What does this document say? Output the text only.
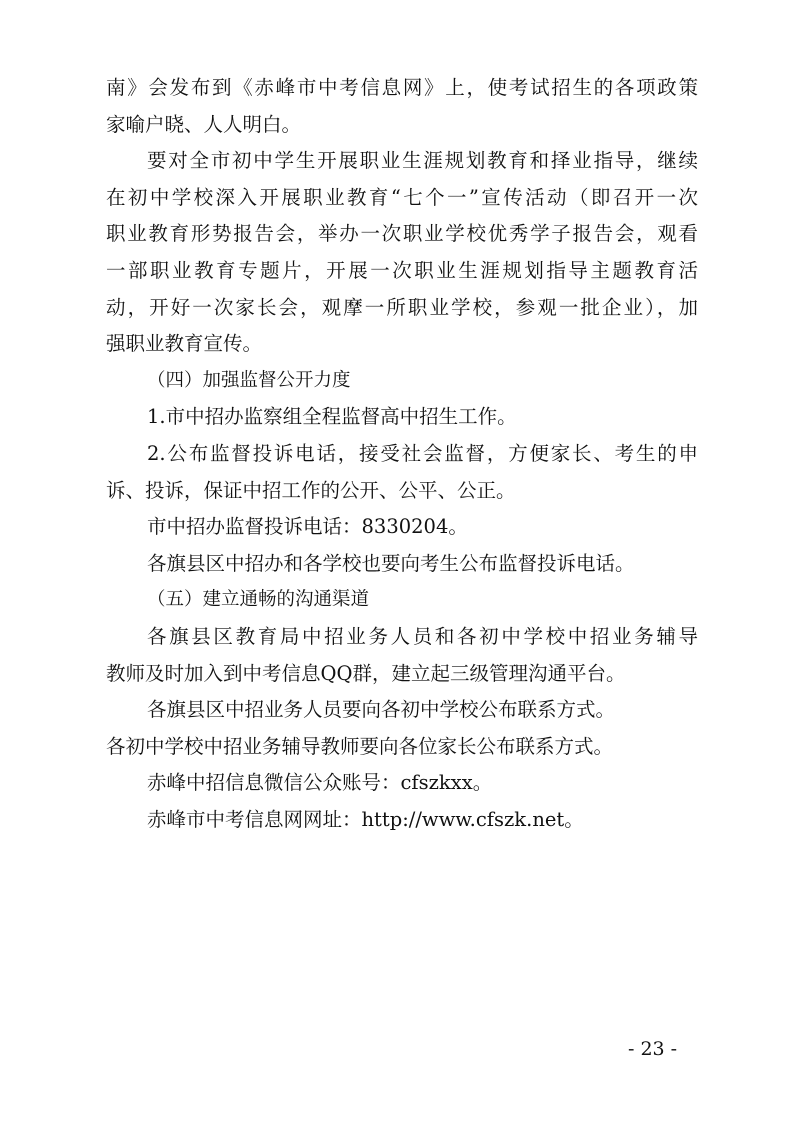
南》会发布到《赤峰市中考信息网》上，使考试招生的各项政策
家喻户晓、人人明白。
要对全市初中学生开展职业生涯规划教育和择业指导，继续
在初中学校深入开展职业教育“七个一”宣传活动（即召开一次
职业教育形势报告会，举办一次职业学校优秀学子报告会，观看
一部职业教育专题片，开展一次职业生涯规划指导主题教育活
动，开好一次家长会，观摩一所职业学校，参观一批企业），加
强职业教育宣传。
（四）加强监督公开力度
1.市中招办监察组全程监督高中招生工作。
2.公布监督投诉电话，接受社会监督，方便家长、考生的申
诉、投诉，保证中招工作的公开、公平、公正。
市中招办监督投诉电话：8330204。
各旗县区中招办和各学校也要向考生公布监督投诉电话。
（五）建立通畅的沟通渠道
各旗县区教育局中招业务人员和各初中学校中招业务辅导
教师及时加入到中考信息QQ群，建立起三级管理沟通平台。
各旗县区中招业务人员要向各初中学校公布联系方式。
各初中学校中招业务辅导教师要向各位家长公布联系方式。
赤峰中招信息微信公众账号：cfszkxx。
赤峰市中考信息网网址：http://www.cfszk.net。
- 23 -
